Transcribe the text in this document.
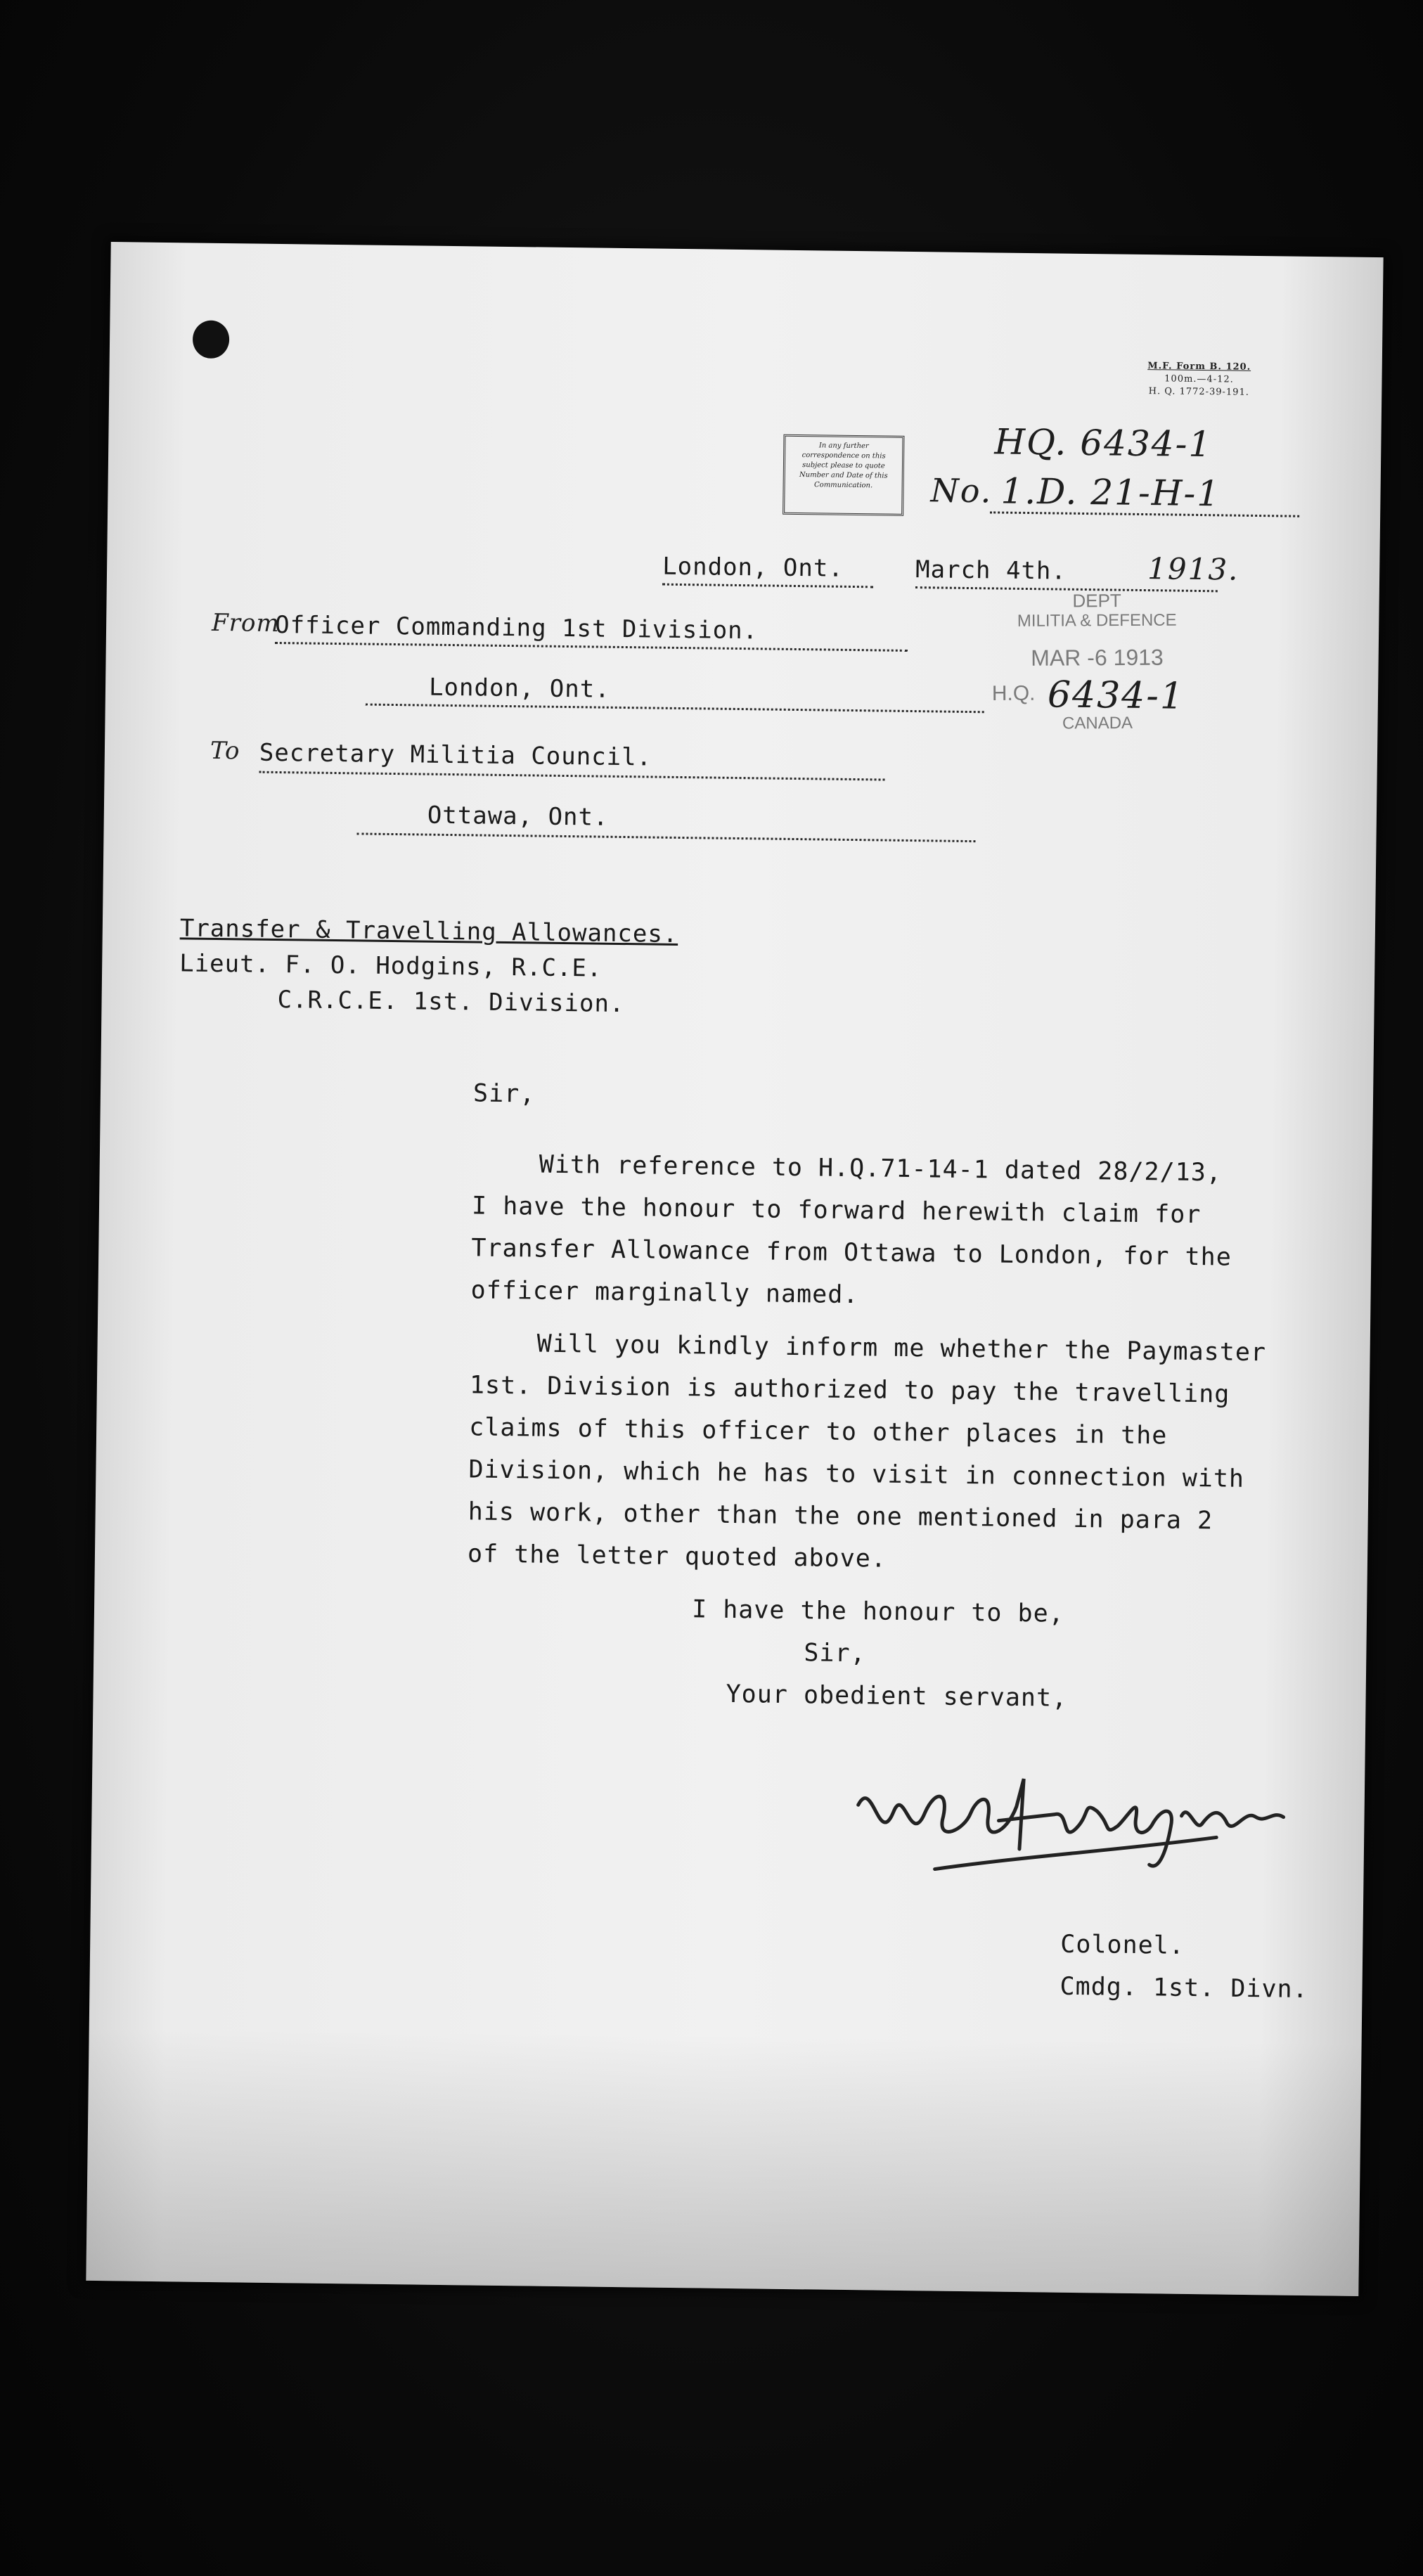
M.F. Form B. 120.
100m.—4-12.
H. Q. 1772-39-191.
In any further correspondence on this subject please to quote Number and Date of this Communication.
HQ. 6434-1
No. 1.D. 21-H-1
London, Ont.	March 4th.	1913.
DEPT
MILITIA & DEFENCE
MAR -6 1913
H.Q.
CANADA
6434-1
From
Officer Commanding 1st Division.
London, Ont.
To Secretary Militia Council.
Ottawa, Ont.
Transfer & Travelling Allowances.
Lieut. F. O. Hodgins, R.C.E.
C.R.C.E. 1st. Division.
Sir,
With reference to H.Q.71-14-1 dated 28/2/13,
I have the honour to forward herewith claim for
Transfer Allowance from Ottawa to London, for the
officer marginally named.
Will you kindly inform me whether the Paymaster
1st. Division is authorized to pay the travelling
claims of this officer to other places in the
Division, which he has to visit in connection with
his work, other than the one mentioned in para 2
of the letter quoted above.
I have the honour to be,
Sir,
Your obedient servant,
Colonel.
Cmdg. 1st. Divn.
